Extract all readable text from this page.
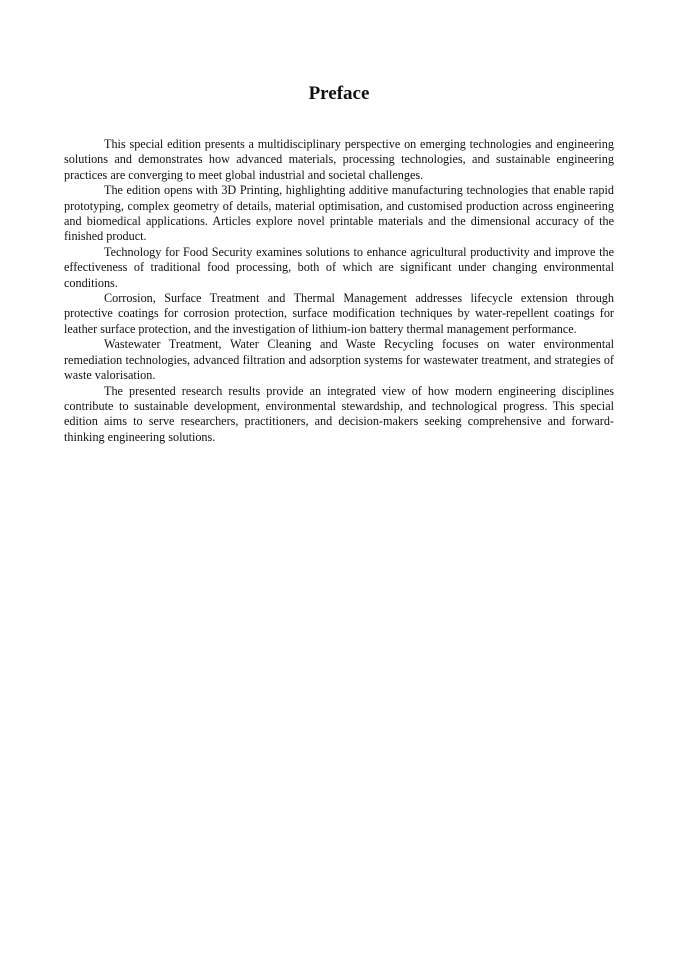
Preface

This special edition presents a multidisciplinary perspective on emerging technologies and engineering solutions and demonstrates how advanced materials, processing technologies, and sustainable engineering practices are converging to meet global industrial and societal challenges.

The edition opens with 3D Printing, highlighting additive manufacturing technologies that enable rapid prototyping, complex geometry of details, material optimisation, and customised production across engineering and biomedical applications. Articles explore novel printable materials and the dimensional accuracy of the finished product.

Technology for Food Security examines solutions to enhance agricultural productivity and improve the effectiveness of traditional food processing, both of which are significant under changing environmental conditions.

Corrosion, Surface Treatment and Thermal Management addresses lifecycle extension through protective coatings for corrosion protection, surface modification techniques by water-repellent coatings for leather surface protection, and the investigation of lithium-ion battery thermal management performance.

Wastewater Treatment, Water Cleaning and Waste Recycling focuses on water environmental remediation technologies, advanced filtration and adsorption systems for wastewater treatment, and strategies of waste valorisation.

The presented research results provide an integrated view of how modern engineering disciplines contribute to sustainable development, environmental stewardship, and technological progress. This special edition aims to serve researchers, practitioners, and decision-makers seeking comprehensive and forward-thinking engineering solutions.
